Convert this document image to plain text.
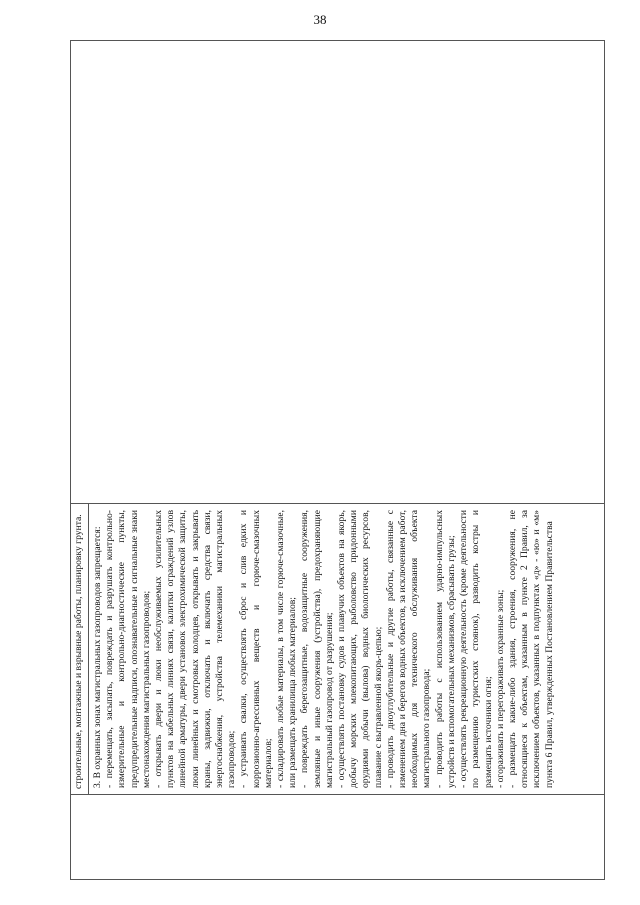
38

строительные, монтажные и взрывные работы, планировку грунта. 3. В охранных зонах магистральных газопроводов запрещается: - перемещать, засыпать, повреждать и разрушать контрольно-измерительные и контрольно-диагностические пункты, предупредительные надписи, опознавательные и сигнальные знаки местонахождения магистральных газопроводов; - открывать двери и люки необслуживаемых усилительных пунктов на кабельных линиях связи, калитки ограждений узлов линейной арматуры, двери установок электрохимической защиты, люки линейных и смотровых колодцев, открывать и закрывать краны, задвижки, отключать и включать средства связи, энергоснабжения, устройства телемеханики магистральных газопроводов; - устраивать свалки, осуществлять сброс и слив едких и коррозионно-агрессивных веществ и горюче-смазочных материалов; - складировать любые материалы, в том числе горюче-смазочные, или размещать хранилища любых материалов; - повреждать берегозащитные, водозащитные сооружения, земляные и иные сооружения (устройства), предохраняющие магистральный газопровод от разрушения; - осуществлять постановку судов и плавучих объектов на якорь, добычу морских млекопитающих, рыболовство придонными орудиями добычи (вылова) водных биологических ресурсов, плавание с вытравленной якорь-цепью; - проводить дноуглубительные и другие работы, связанные с изменением дна и берегов водных объектов, за исключением работ, необходимых для технического обслуживания объекта магистрального газопровода; - проводить работы с использованием ударно-импульсных устройств и вспомогательных механизмов, сбрасывать грузы; - осуществлять рекреационную деятельность (кроме деятельности по размещению туристских стоянок), разводить костры и размещать источники огня; - огораживать и перегораживать охранные зоны; - размещать какие-либо здания, строения, сооружения, не относящиеся к объектам, указанным в пункте 2 Правил, за исключением объектов, указанных в подпунктах «д» - «ю» и «м» пункта 6 Правил, утвержденных Постановлением Правительства
